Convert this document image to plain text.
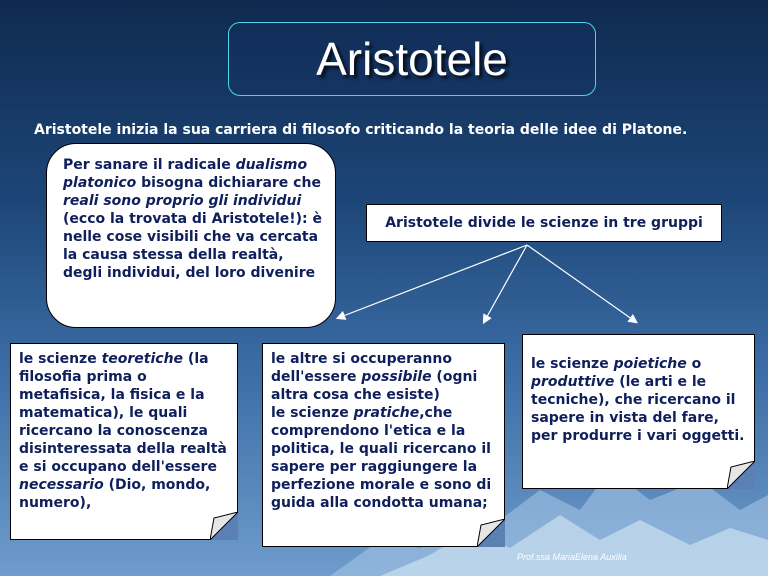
Aristotele
Aristotele inizia la sua carriera di filosofo criticando la teoria delle idee di Platone.
Per sanare il radicale dualismo platonico bisogna dichiarare che reali sono proprio gli individui (ecco la trovata di Aristotele!): è nelle cose visibili che va cercata la causa stessa della realtà, degli individui, del loro divenire
Aristotele divide le scienze in tre gruppi
le scienze teoretiche (la filosofia prima o metafisica, la fisica e la matematica), le quali ricercano la conoscenza disinteressata della realtà e si occupano dell'essere necessario (Dio, mondo, numero),
le altre si occuperanno dell'essere possibile (ogni altra cosa che esiste)
le scienze pratiche,che comprendono l'etica e la politica, le quali ricercano il sapere per raggiungere la perfezione morale e sono di guida alla condotta umana;
le scienze poietiche o produttive (le arti e le tecniche), che ricercano il sapere in vista del fare, per produrre i vari oggetti.
Prof.ssa MariaElena Auxilia
